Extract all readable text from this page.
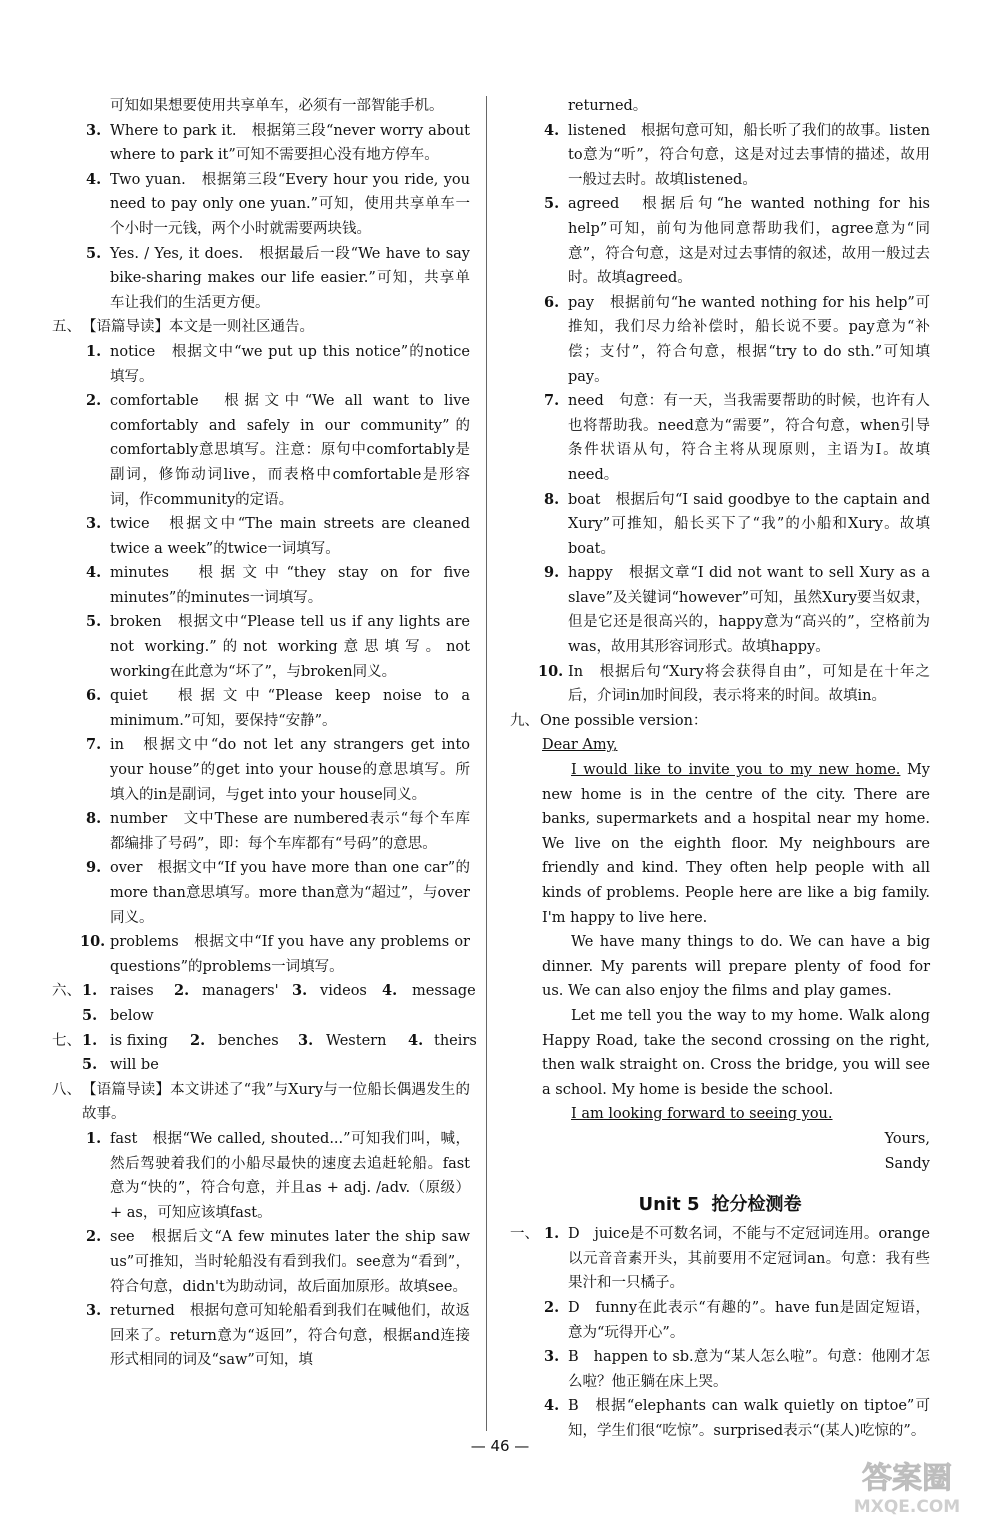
可知如果想要使用共享单车，必须有一部智能手机。
3. Where to park it.　根据第三段“never worry about where to park it”可知不需要担心没有地方停车。
4. Two yuan.　根据第三段“Every hour you ride, you need to pay only one yuan.”可知，使用共享单车一个小时一元钱，两个小时就需要两块钱。
5. Yes. / Yes, it does.　根据最后一段“We have to say bike-sharing makes our life easier.”可知，共享单车让我们的生活更方便。
五、 【语篇导读】本文是一则社区通告。
1. notice　根据文中“we put up this notice”的notice填写。
2. comfortable　根据文中“We all want to live comfortably and safely in our community”的comfortably意思填写。注意：原句中comfortably是副词，修饰动词live，而表格中comfortable是形容词，作community的定语。
3. twice　根据文中“The main streets are cleaned twice a week”的twice一词填写。
4. minutes　根据文中“they stay on for five minutes”的minutes一词填写。
5. broken　根据文中“Please tell us if any lights are not working.”的not working意思填写。not working在此意为“坏了”，与broken同义。
6. quiet　根据文中“Please keep noise to a minimum.”可知，要保持“安静”。
7. in　根据文中“do not let any strangers get into your house”的get into your house的意思填写。所填入的in是副词，与get into your house同义。
8. number　文中These are numbered表示“每个车库都编排了号码”，即：每个车库都有“号码”的意思。
9. over　根据文中“If you have more than one car”的more than意思填写。more than意为“超过”，与over同义。
10. problems　根据文中“If you have any problems or questions”的problems一词填写。
六、 1. raises 2. managers' 3. videos 4. message
5. below
七、 1. is fixing 2. benches 3. Western 4. theirs
5. will be
八、 【语篇导读】本文讲述了“我”与Xury与一位船长偶遇发生的故事。
1. fast　根据“We called, shouted...”可知我们叫，喊，然后驾驶着我们的小船尽最快的速度去追赶轮船。fast意为“快的”，符合句意，并且as + adj. /adv.（原级）+ as，可知应该填fast。
2. see　根据后文“A few minutes later the ship saw us”可推知，当时轮船没有看到我们。see意为“看到”，符合句意，didn't为助动词，故后面加原形。故填see。
3. returned　根据句意可知轮船看到我们在喊他们，故返回来了。return意为“返回”，符合句意，根据and连接形式相同的词及“saw”可知，填
returned。
4. listened　根据句意可知，船长听了我们的故事。listen to意为“听”，符合句意，这是对过去事情的描述，故用一般过去时。故填listened。
5. agreed　根据后句“he wanted nothing for his help”可知，前句为他同意帮助我们，agree意为“同意”，符合句意，这是对过去事情的叙述，故用一般过去时。故填agreed。
6. pay　根据前句“he wanted nothing for his help”可推知，我们尽力给补偿时，船长说不要。pay意为“补偿；支付”，符合句意，根据“try to do sth.”可知填pay。
7. need　句意：有一天，当我需要帮助的时候，也许有人也将帮助我。need意为“需要”，符合句意，when引导条件状语从句，符合主将从现原则，主语为I。故填need。
8. boat　根据后句“I said goodbye to the captain and Xury”可推知，船长买下了“我”的小船和Xury。故填boat。
9. happy　根据文章“I did not want to sell Xury as a slave”及关键词“however”可知，虽然Xury要当奴隶，但是它还是很高兴的，happy意为“高兴的”，空格前为was，故用其形容词形式。故填happy。
10. In　根据后句“Xury将会获得自由”，可知是在十年之后，介词in加时间段，表示将来的时间。故填in。
九、 One possible version：
Dear Amy,

I would like to invite you to my new home. My new home is in the centre of the city. There are banks, supermarkets and a hospital near my home. We live on the eighth floor. My neighbours are friendly and kind. They often help people with all kinds of problems. People here are like a big family. I'm happy to live here.

We have many things to do. We can have a big dinner. My parents will prepare plenty of food for us. We can also enjoy the films and play games.

Let me tell you the way to my home. Walk along Happy Road, take the second crossing on the right, then walk straight on. Cross the bridge, you will see a school. My home is beside the school.

I am looking forward to seeing you.

Yours,
Sandy
Unit 5 抢分检测卷
一、 1. D　juice是不可数名词，不能与不定冠词连用。orange以元音音素开头，其前要用不定冠词an。句意：我有些果汁和一只橘子。
2. D　funny在此表示“有趣的”。have fun是固定短语，意为“玩得开心”。
3. B　happen to sb.意为“某人怎么啦”。句意：他刚才怎么啦？他正躺在床上哭。
4. B　根据“elephants can walk quietly on tiptoe”可知，学生们很“吃惊”。surprised表示“(某人)吃惊的”。
— 46 —
答案圈
MXQE.COM
